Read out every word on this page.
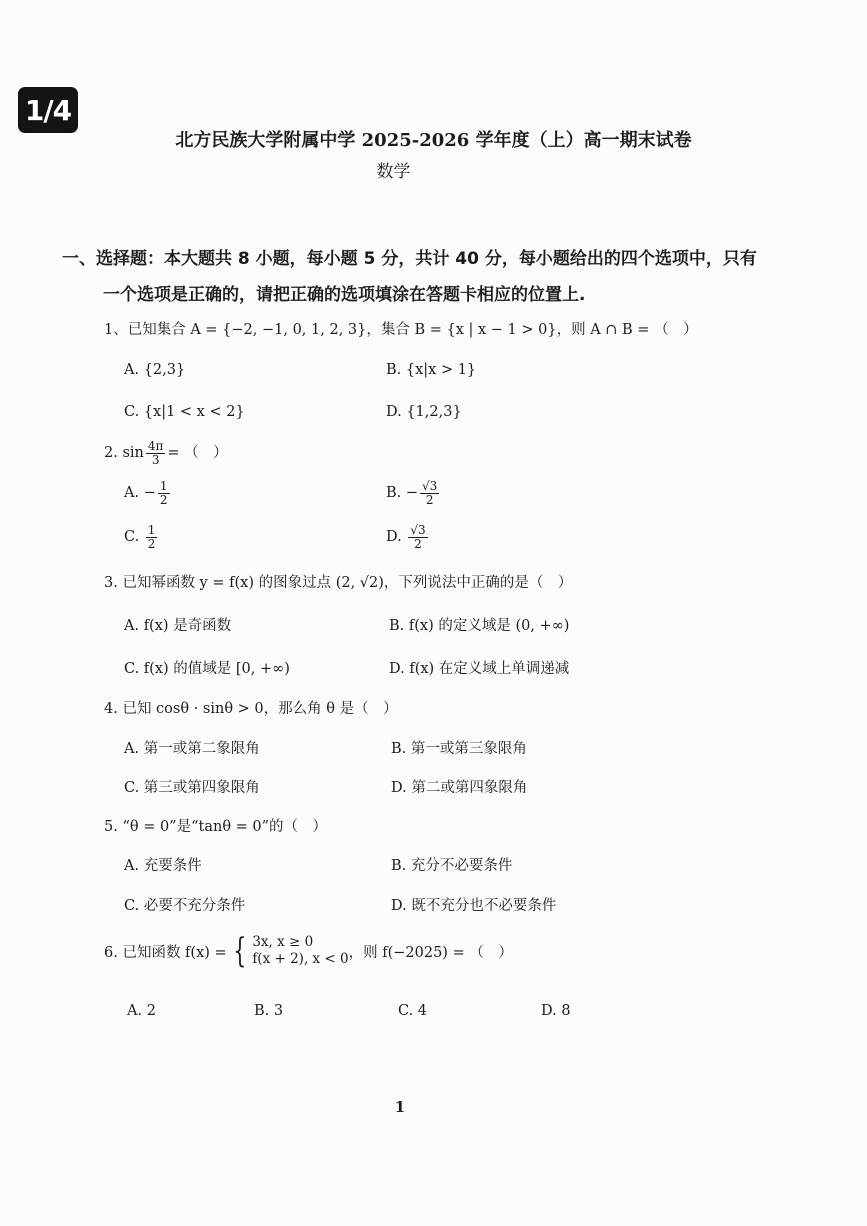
1/4
北方民族大学附属中学 2025-2026 学年度（上）高一期末试卷
数学
一、选择题：本大题共 8 小题，每小题 5 分，共计 40 分，每小题给出的四个选项中，只有
一个选项是正确的，请把正确的选项填涂在答题卡相应的位置上.
1、已知集合 A = {−2, −1, 0, 1, 2, 3}，集合 B = {x | x − 1 > 0}，则 A ∩ B = （　）
A. {2,3}	B. {x|x > 1}
C. {x|1 < x < 2}	D. {1,2,3}
2. $\sin \frac{4\pi}{3}$ = （　）
A. − $\frac{1}{2}$	B. − $\frac{√3}{2}$
C. $\frac{1}{2}$	D. $\frac{√3}{2}$
3. 已知幂函数 y = f(x) 的图象过点 (2, √2)，下列说法中正确的是（　）
A. f(x) 是奇函数	B. f(x) 的定义域是 (0, +∞)
C. f(x) 的值域是 [0, +∞)	D. f(x) 在定义域上单调递减
4. 已知 cosθ · sinθ > 0，那么角 θ 是（　）
A. 第一或第二象限角	B. 第一或第三象限角
C. 第三或第四象限角	D. 第二或第四象限角
5. “θ = 0”是“tanθ = 0”的（　）
A. 充要条件	B. 充分不必要条件
C. 必要不充分条件	D. 既不充分也不必要条件
6. 已知函数 f(x) = { 3x, x ≥ 0
f(x + 2), x < 0 ，则 f(−2025) = （　）
A. 2	B. 3	C. 4	D. 8
1
